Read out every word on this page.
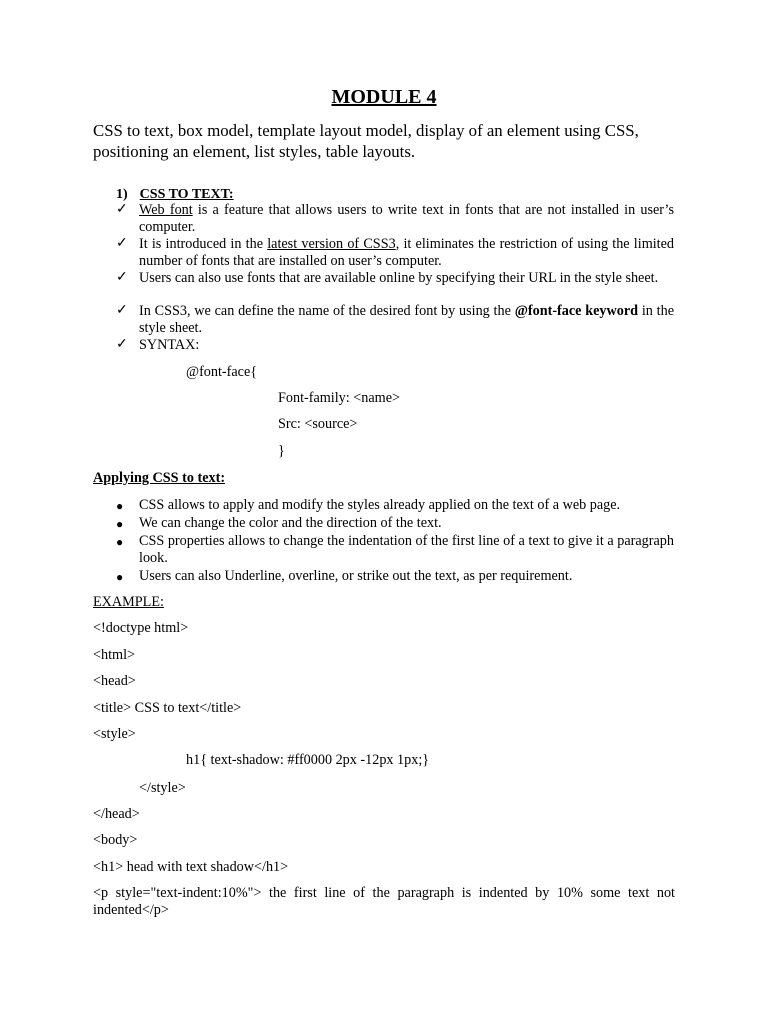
MODULE 4
CSS to text, box model, template layout model, display of an element using CSS, positioning an element, list styles, table layouts.
1) CSS TO TEXT:
✓ Web font is a feature that allows users to write text in fonts that are not installed in user’s computer.
✓ It is introduced in the latest version of CSS3, it eliminates the restriction of using the limited number of fonts that are installed on user’s computer.
✓ Users can also use fonts that are available online by specifying their URL in the style sheet.
✓ In CSS3, we can define the name of the desired font by using the @font-face keyword in the style sheet.
✓ SYNTAX:
@font-face{
Font-family: <name>
Src: <source>
}
Applying CSS to text:
● CSS allows to apply and modify the styles already applied on the text of a web page.
● We can change the color and the direction of the text.
● CSS properties allows to change the indentation of the first line of a text to give it a paragraph look.
● Users can also Underline, overline, or strike out the text, as per requirement.
EXAMPLE:
<!doctype html>
<html>
<head>
<title> CSS to text</title>
<style>
h1{ text-shadow: #ff0000 2px -12px 1px;}
</style>
</head>
<body>
<h1> head with text shadow</h1>
<p style="text-indent:10%"> the first line of the paragraph is indented by 10% some text not indented</p>
